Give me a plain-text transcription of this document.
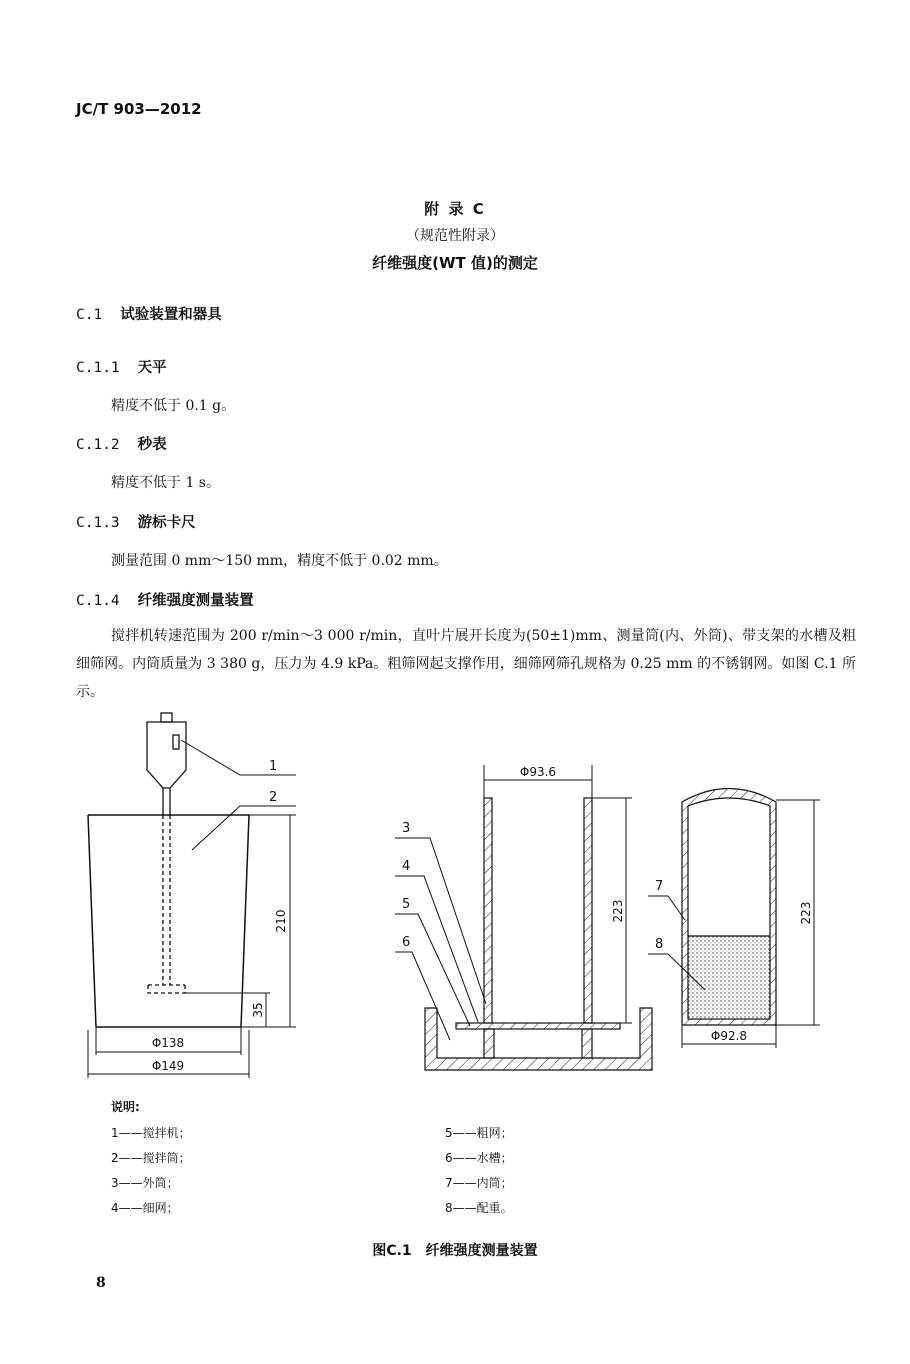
JC/T 903—2012
附 录 C
（规范性附录）
纤维强度(WT 值)的测定
C.1 试验装置和器具
C.1.1 天平
精度不低于 0.1 g。
C.1.2 秒表
精度不低于 1 s。
C.1.3 游标卡尺
测量范围 0 mm～150 mm，精度不低于 0.02 mm。
C.1.4 纤维强度测量装置
搅拌机转速范围为 200 r/min～3 000 r/min，直叶片展开长度为(50±1)mm、测量筒(内、外筒)、带支架的水槽及粗细筛网。内筒质量为 3 380 g，压力为 4.9 kPa。粗筛网起支撑作用，细筛网筛孔规格为 0.25 mm 的不锈钢网。如图 C.1 所示。
210
35
Φ138
Φ149
1
2
Φ93.6
223
3
4
5
6
223
Φ92.8
7
8
说明:
1——搅拌机；
2——搅拌筒；
3——外筒；
4——细网；
5——粗网；
6——水槽；
7——内筒；
8——配重。
图C.1　纤维强度测量装置
8
